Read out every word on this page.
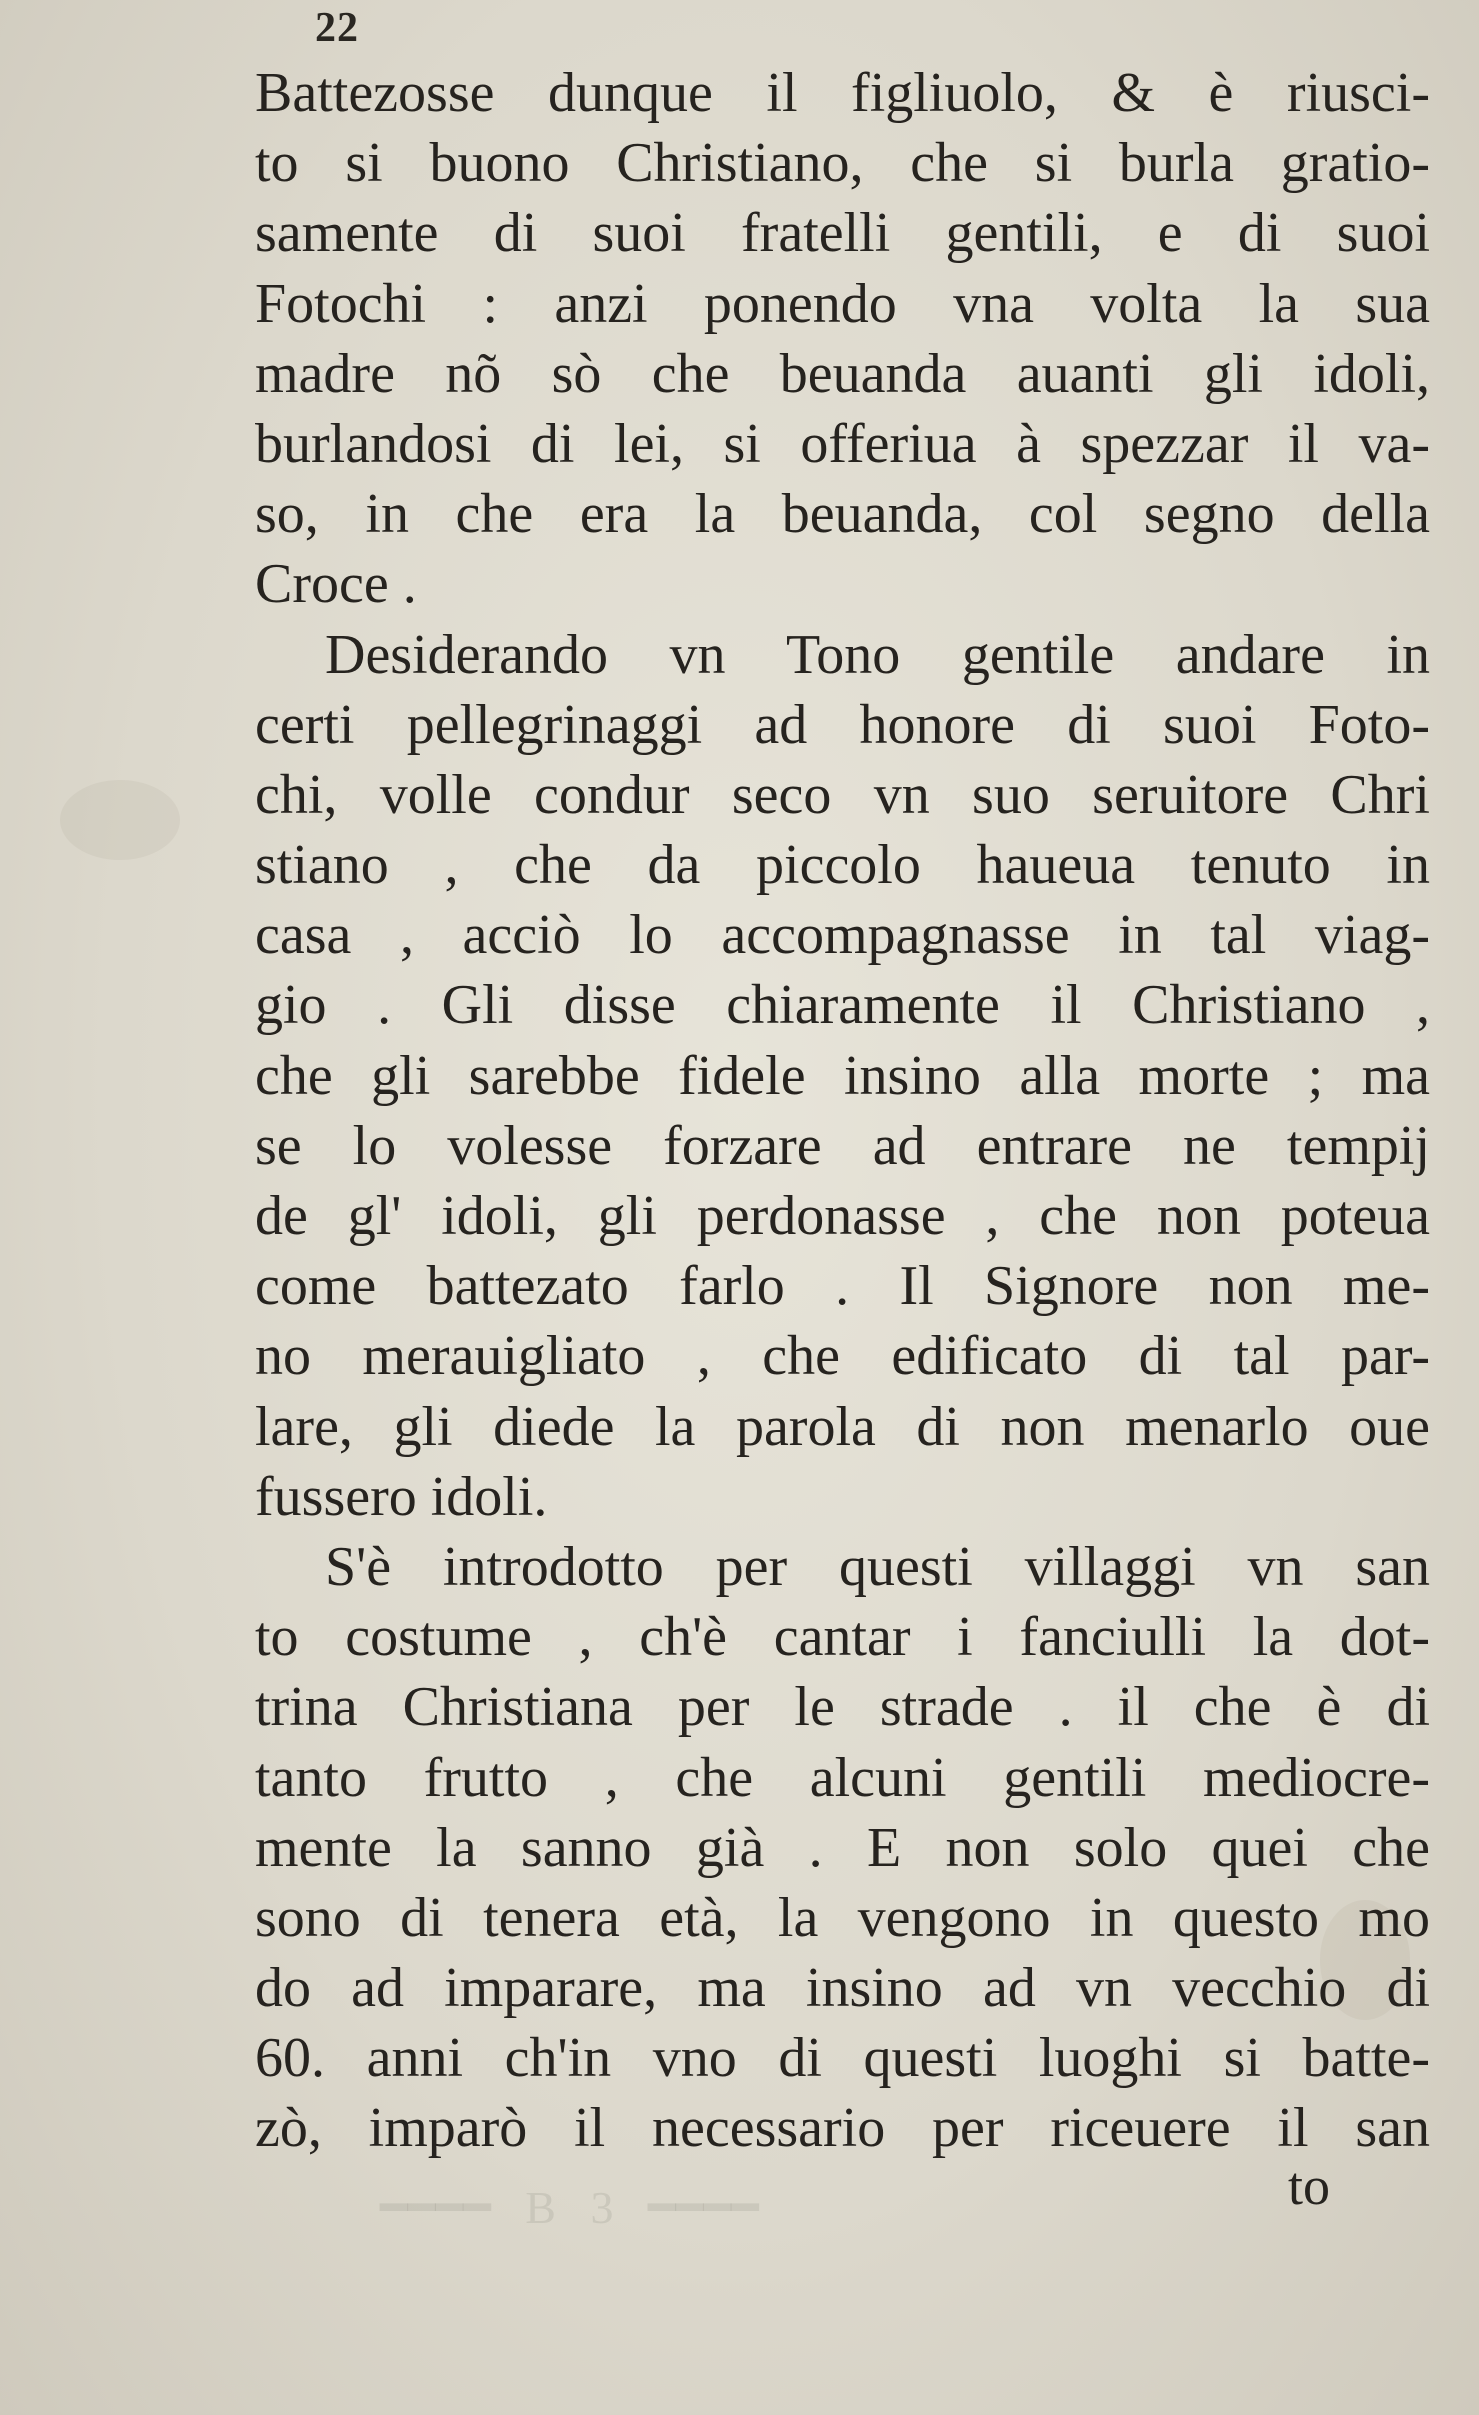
━━━━   B   3   ━━━━
22
Battezosse dunque il figliuolo, & è riusci-
to si buono Christiano, che si burla gratio-
samente di suoi fratelli gentili, e di suoi
Fotochi : anzi ponendo vna volta la sua
madre nõ sò che beuanda auanti gli idoli,
burlandosi di lei, si offeriua à spezzar il va-
so, in che era la beuanda, col segno della
Croce .
Desiderando vn Tono gentile andare in
certi pellegrinaggi ad honore di suoi Foto-
chi, volle condur seco vn suo seruitore Chri
stiano , che da piccolo haueua tenuto in
casa , acciò lo accompagnasse in tal viag-
gio . Gli disse chiaramente il Christiano ,
che gli sarebbe fidele insino alla morte ; ma
se lo volesse forzare ad entrare ne tempij
de gl' idoli, gli perdonasse , che non poteua
come battezato farlo . Il Signore non me-
no merauigliato , che edificato di tal par-
lare, gli diede la parola di non menarlo oue
fussero idoli.
S'è introdotto per questi villaggi vn san
to costume , ch'è cantar i fanciulli la dot-
trina Christiana per le strade . il che è di
tanto frutto , che alcuni gentili mediocre-
mente la sanno già . E non solo quei che
sono di tenera età, la vengono in questo mo
do ad imparare, ma insino ad vn vecchio di
60. anni ch'in vno di questi luoghi si batte-
zò, imparò il necessario per riceuere il san
to
